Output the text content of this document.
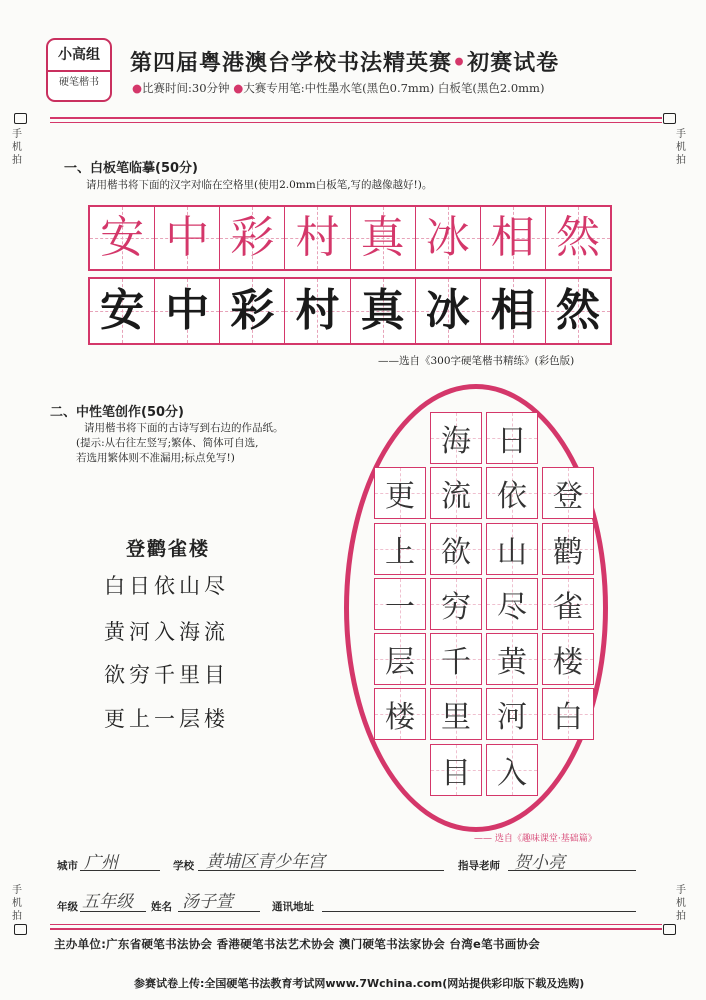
小高组
硬笔楷书
第四届粤港澳台学校书法精英赛•初赛试卷
●比赛时间:30分钟 ●大赛专用笔:中性墨水笔(黑色0.7mm) 白板笔(黑色2.0mm)
手
机
拍
手
机
拍
一、白板笔临摹(50分)
请用楷书将下面的汉字对临在空格里(使用2.0mm白板笔,写的越像越好!)。
安 中 彩 村 真 冰 相 然
安 中 彩 村 真 冰 相 然
——选自《300字硬笔楷书精练》(彩色版)
二、中性笔创作(50分)
请用楷书将下面的古诗写到右边的作品纸。
(提示:从右往左竖写;繁体、简体可自选,
若选用繁体则不准漏用;标点免写!)
登鹳雀楼
白日依山尽
黄河入海流
欲穷千里目
更上一层楼
登
鹳
雀
楼
白
日
依
山
尽
黄
河
入
海
流
欲
穷
千
里
目
更
上
一
层
楼
—— 选自《趣味课堂·基础篇》
城市 广州	学校 黄埔区青少年宫	指导老师 贺小亮
年级 五年级 姓名 汤子萱	通讯地址
手
机
拍
手
机
拍
主办单位:广东省硬笔书法协会 香港硬笔书法艺术协会 澳门硬笔书法家协会 台湾e笔书画协会
参赛试卷上传:全国硬笔书法教育考试网www.7Wchina.com(网站提供彩印版下载及选购)
